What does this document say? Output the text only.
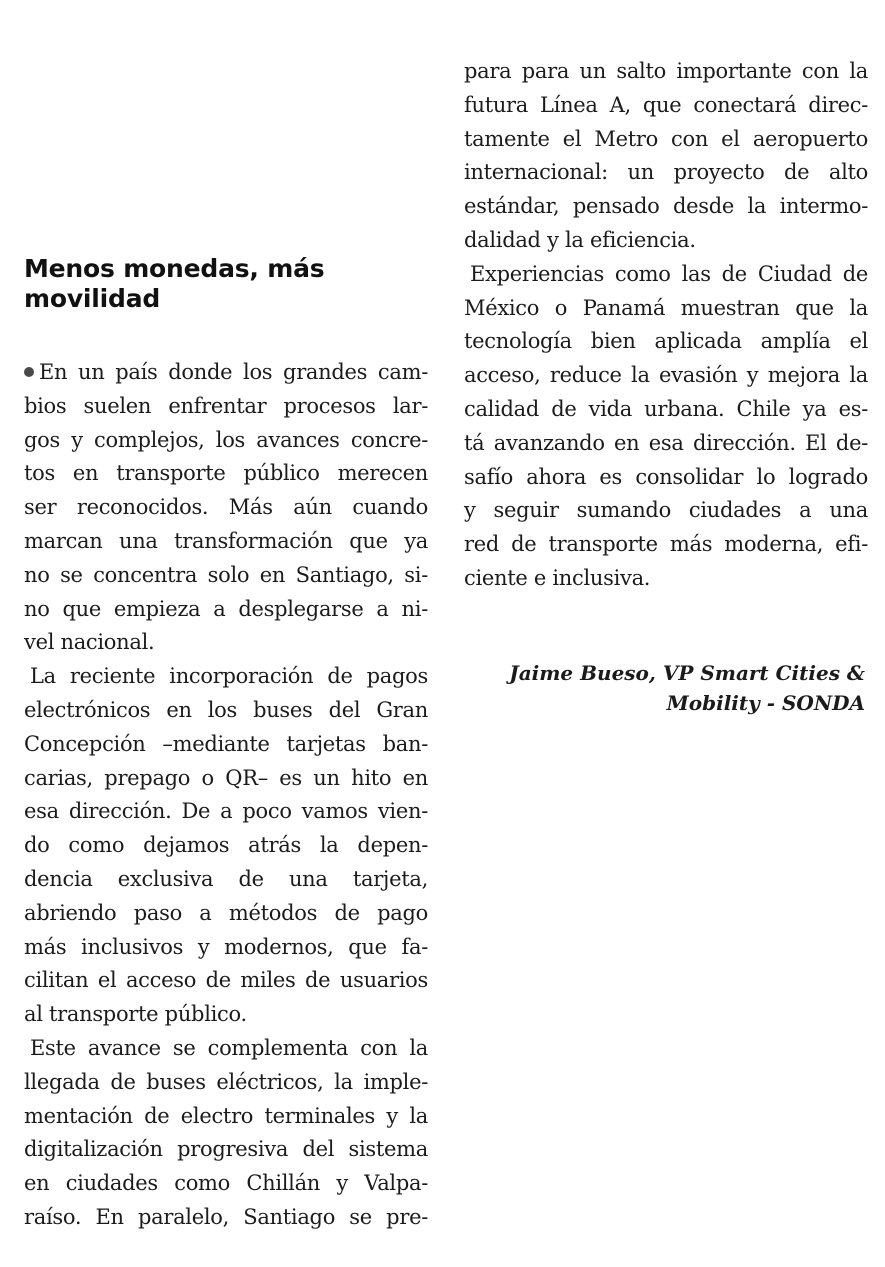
Menos monedas, más
movilidad
En un país donde los grandes cam-
bios suelen enfrentar procesos lar-
gos y complejos, los avances concre-
tos en transporte público merecen
ser reconocidos. Más aún cuando
marcan una transformación que ya
no se concentra solo en Santiago, si-
no que empieza a desplegarse a ni-
vel nacional.
La reciente incorporación de pagos
electrónicos en los buses del Gran
Concepción –mediante tarjetas ban-
carias, prepago o QR– es un hito en
esa dirección. De a poco vamos vien-
do como dejamos atrás la depen-
dencia exclusiva de una tarjeta,
abriendo paso a métodos de pago
más inclusivos y modernos, que fa-
cilitan el acceso de miles de usuarios
al transporte público.
Este avance se complementa con la
llegada de buses eléctricos, la imple-
mentación de electro terminales y la
digitalización progresiva del sistema
en ciudades como Chillán y Valpa-
raíso. En paralelo, Santiago se pre-
para para un salto importante con la
futura Línea A, que conectará direc-
tamente el Metro con el aeropuerto
internacional: un proyecto de alto
estándar, pensado desde la intermo-
dalidad y la eficiencia.
Experiencias como las de Ciudad de
México o Panamá muestran que la
tecnología bien aplicada amplía el
acceso, reduce la evasión y mejora la
calidad de vida urbana. Chile ya es-
tá avanzando en esa dirección. El de-
safío ahora es consolidar lo logrado
y seguir sumando ciudades a una
red de transporte más moderna, efi-
ciente e inclusiva.
Jaime Bueso, VP Smart Cities &
Mobility - SONDA
